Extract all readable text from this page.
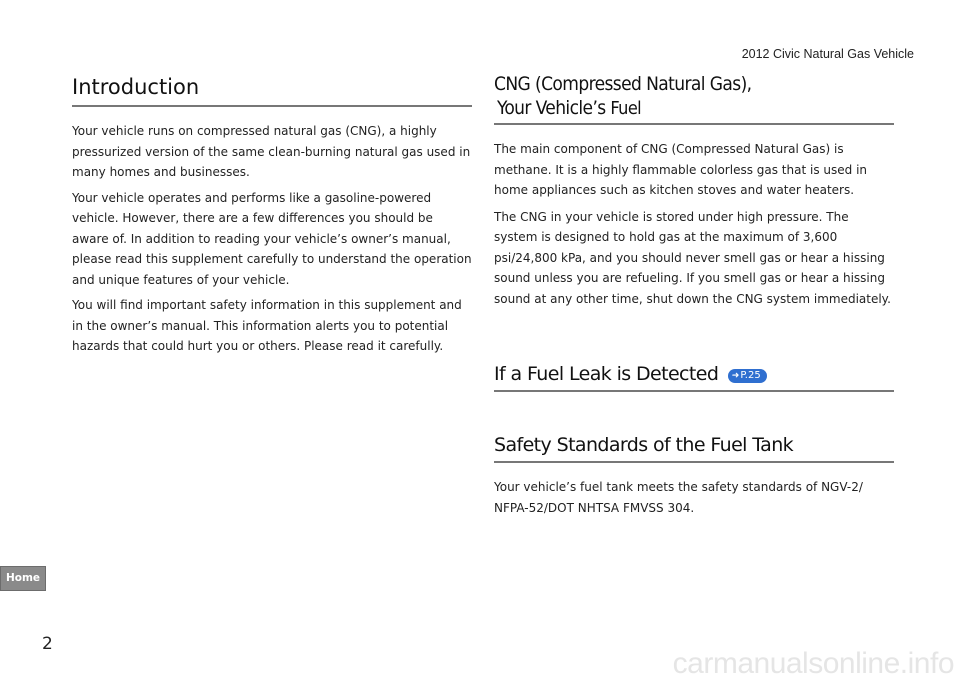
2012 Civic Natural Gas Vehicle
Introduction

Your vehicle runs on compressed natural gas (CNG), a highly pressurized version of the same clean-burning natural gas used in many homes and businesses.

Your vehicle operates and performs like a gasoline-powered vehicle. However, there are a few differences you should be aware of. In addition to reading your vehicle’s owner’s manual, please read this supplement carefully to understand the operation and unique features of your vehicle.

You will find important safety information in this supplement and in the owner’s manual. This information alerts you to potential hazards that could hurt you or others. Please read it carefully.

CNG (Compressed Natural Gas),
Your Vehicle’s Fuel

The main component of CNG (Compressed Natural Gas) is methane. It is a highly flammable colorless gas that is used in home appliances such as kitchen stoves and water heaters.

The CNG in your vehicle is stored under high pressure. The system is designed to hold gas at the maximum of 3,600 psi/24,800 kPa, and you should never smell gas or hear a hissing sound unless you are refueling. If you smell gas or hear a hissing sound at any other time, shut down the CNG system immediately.

If a Fuel Leak is Detected ➜P.25
Safety Standards of the Fuel Tank

Your vehicle’s fuel tank meets the safety standards of NGV-2/ NFPA-52/DOT NHTSA FMVSS 304.

Home
2
carmanualsonline.info
